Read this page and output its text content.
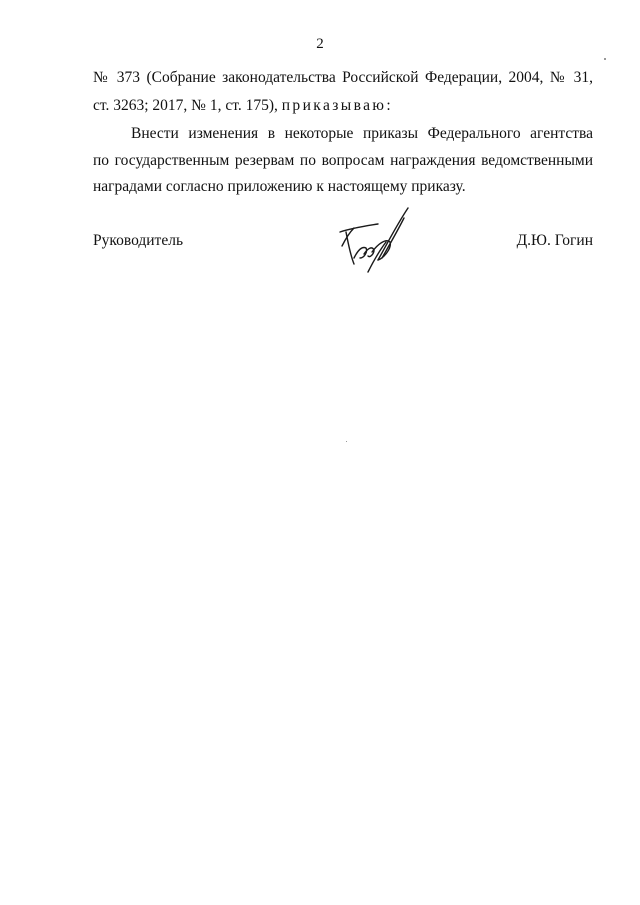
2
№ 373 (Собрание законодательства Российской Федерации, 2004, № 31,
ст. 3263; 2017, № 1, ст. 175), приказываю:
Внести изменения в некоторые приказы Федерального агентства
по государственным резервам по вопросам награждения ведомственными
наградами согласно приложению к настоящему приказу.
Руководитель	Д.Ю. Гогин
